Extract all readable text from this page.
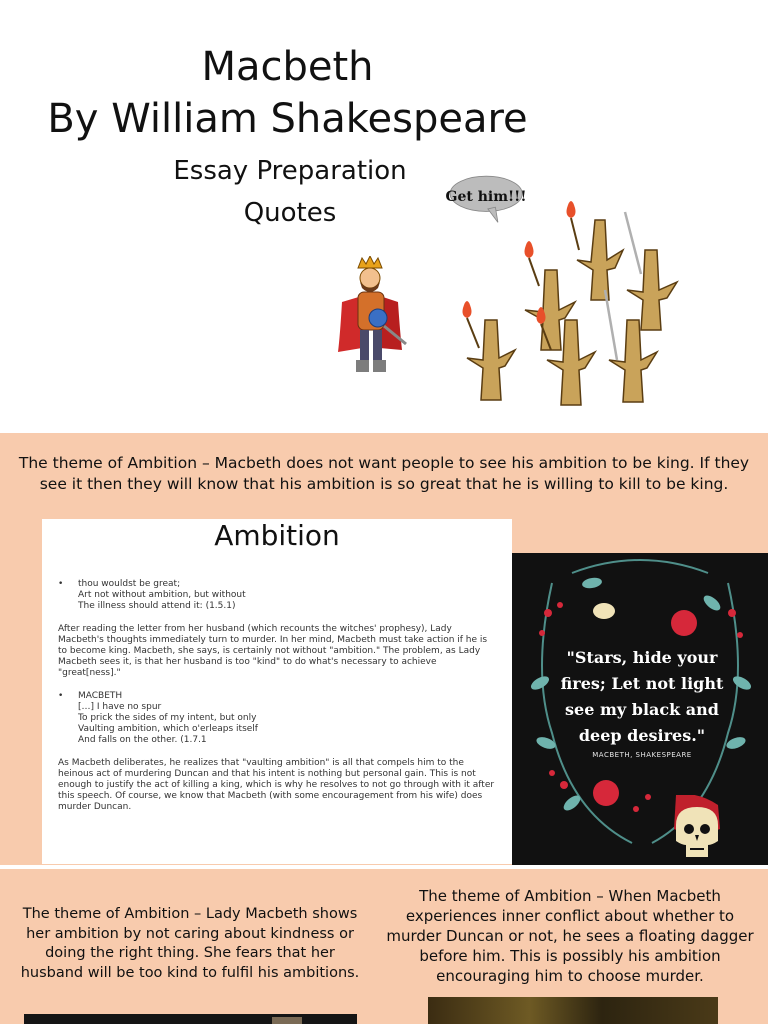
Macbeth
By William Shakespeare
Essay Preparation
Quotes
Get him!!!

The theme of Ambition – Macbeth does not want people to see his ambition to be king. If they see it then they will know that his ambition is so great that he is willing to kill to be king.

Ambition
•	thou wouldst be great;
Art not without ambition, but without
The illness should attend it: (1.5.1)

After reading the letter from her husband (which recounts the witches' prophesy), Lady Macbeth's thoughts immediately turn to murder. In her mind, Macbeth must take action if he is to become king. Macbeth, she says, is certainly not without "ambition." The problem, as Lady Macbeth sees it, is that her husband is too "kind" to do what's necessary to achieve "great[ness]."

•	MACBETH
[…] I have no spur
To prick the sides of my intent, but only
Vaulting ambition, which o'erleaps itself
And falls on the other. (1.7.1

As Macbeth deliberates, he realizes that "vaulting ambition" is all that compels him to the heinous act of murdering Duncan and that his intent is nothing but personal gain. This is not enough to justify the act of killing a king, which is why he resolves to not go through with it after this speech. Of course, we know that Macbeth (with some encouragement from his wife) does murder Duncan.

"Stars, hide your fires; Let not light see my black and deep desires."
MACBETH, SHAKESPEARE

The theme of Ambition – Lady Macbeth shows her ambition by not caring about kindness or doing the right thing. She fears that her husband will be too kind to fulfil his ambitions.

The theme of Ambition – When Macbeth experiences inner conflict about whether to murder Duncan or not, he sees a floating dagger before him. This is possibly his ambition encouraging him to choose murder.
